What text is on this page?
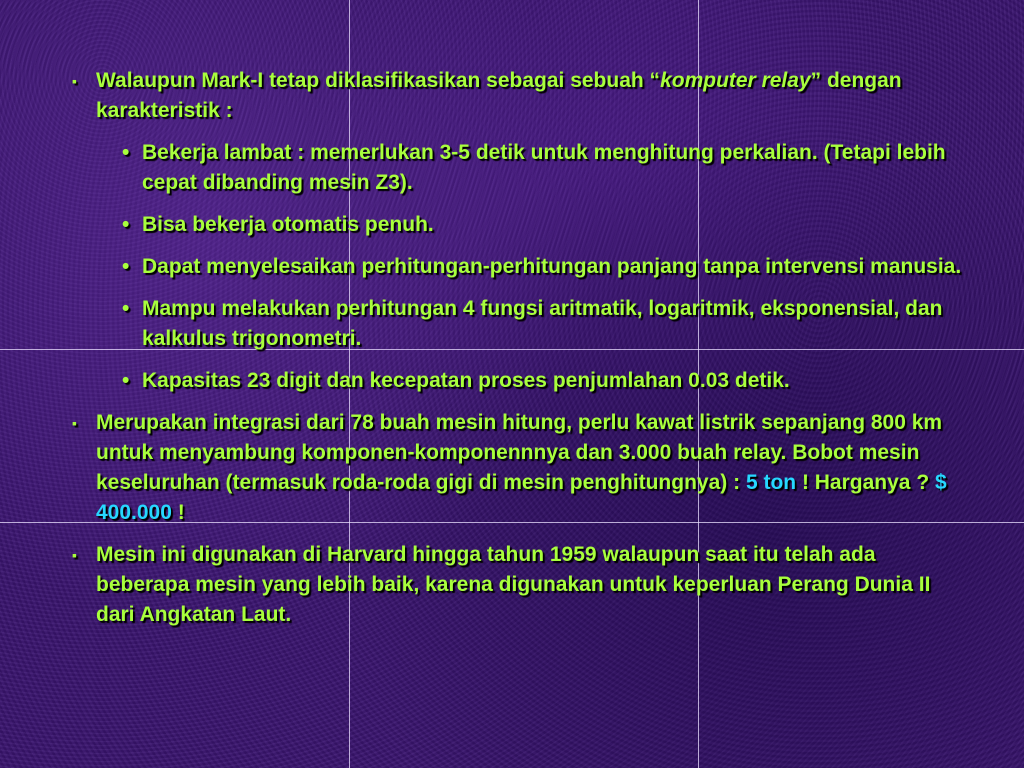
▪ Walaupun Mark-I tetap diklasifikasikan sebagai sebuah “komputer relay” dengan karakteristik :
• Bekerja lambat : memerlukan 3-5 detik untuk menghitung perkalian. (Tetapi lebih cepat dibanding mesin Z3).
• Bisa bekerja otomatis penuh.
• Dapat menyelesaikan perhitungan-perhitungan panjang tanpa intervensi manusia.
• Mampu melakukan perhitungan 4 fungsi aritmatik, logaritmik, eksponensial, dan kalkulus trigonometri.
• Kapasitas 23 digit dan kecepatan proses penjumlahan 0.03 detik.
▪ Merupakan integrasi dari 78 buah mesin hitung, perlu kawat listrik sepanjang 800 km untuk menyambung komponen-komponennnya dan 3.000 buah relay. Bobot mesin keseluruhan (termasuk roda-roda gigi di mesin penghitungnya) : 5 ton ! Harganya ? $ 400.000 !
▪ Mesin ini digunakan di Harvard hingga tahun 1959 walaupun saat itu telah ada beberapa mesin yang lebih baik, karena digunakan untuk keperluan Perang Dunia II dari Angkatan Laut.
